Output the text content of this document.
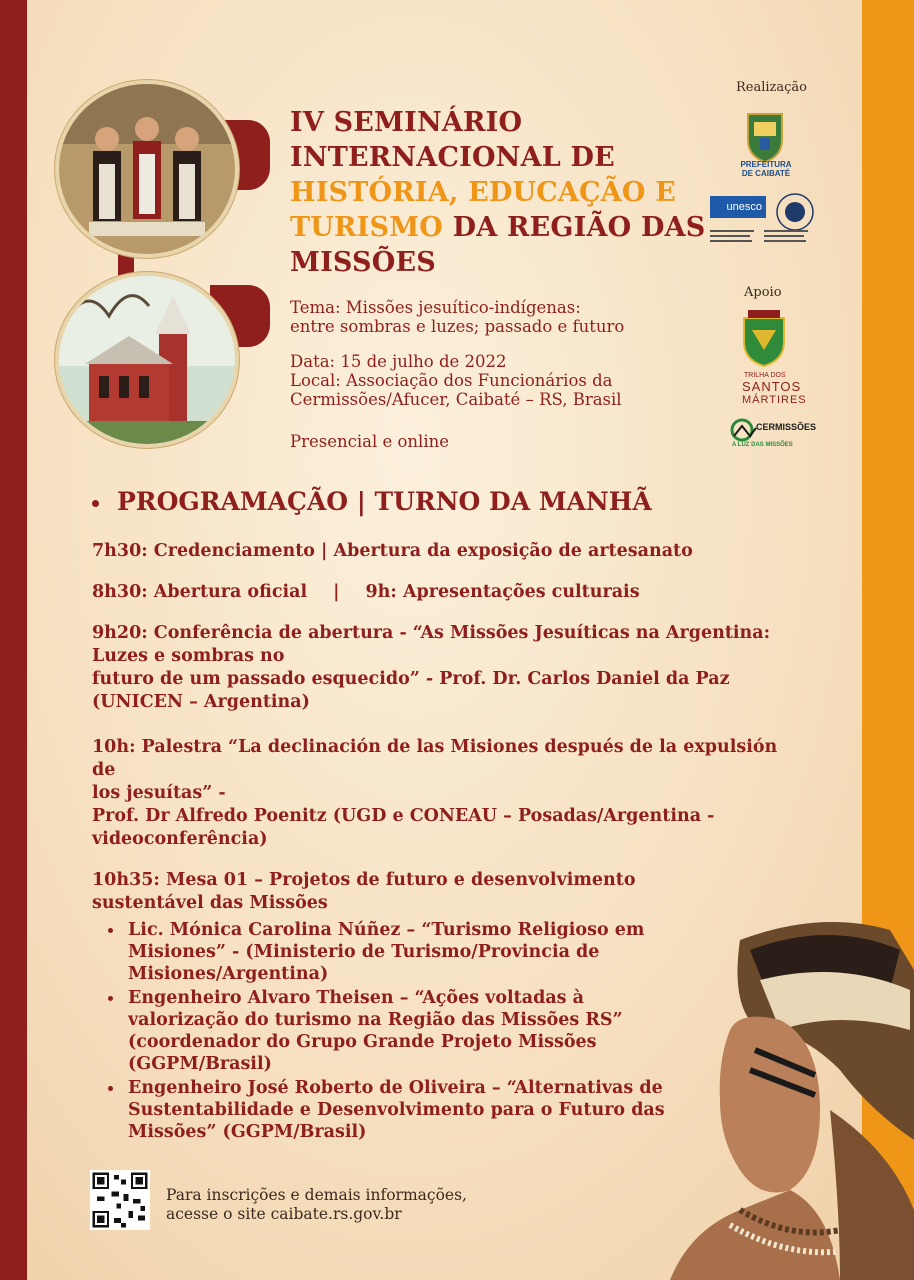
IV SEMINÁRIO INTERNACIONAL DE HISTÓRIA, EDUCAÇÃO E TURISMO DA REGIÃO DAS MISSÕES
Tema: Missões jesuítico-indígenas:
entre sombras e luzes; passado e futuro
Data: 15 de julho de 2022
Local: Associação dos Funcionários da
Cermissões/Afucer, Caibaté – RS, Brasil
Presencial e online
Realização
PREFEITURA DE CAIBATÉ
unesco
Apoio
TRILHA DOS
SANTOS
MÁRTIRES
CERMISSÕES
A LUZ DAS MISSÕES
PROGRAMAÇÃO | TURNO DA MANHÃ

7h30: Credenciamento | Abertura da exposição de artesanato

8h30: Abertura oficial | 9h: Apresentações culturais

9h20: Conferência de abertura - “As Missões Jesuíticas na Argentina:
Luzes e sombras no
futuro de um passado esquecido” - Prof. Dr. Carlos Daniel da Paz
(UNICEN – Argentina)

10h: Palestra “La declinación de las Misiones después de la expulsión de
los jesuítas” -
Prof. Dr Alfredo Poenitz (UGD e CONEAU – Posadas/Argentina -
videoconferência)

10h35: Mesa 01 – Projetos de futuro e desenvolvimento
sustentável das Missões
Lic. Mónica Carolina Núñez – “Turismo Religioso em Misiones” - (Ministerio de Turismo/Provincia de Misiones/Argentina)
Engenheiro Alvaro Theisen – “Ações voltadas à valorização do turismo na Região das Missões RS” (coordenador do Grupo Grande Projeto Missões (GGPM/Brasil)
Engenheiro José Roberto de Oliveira – “Alternativas de Sustentabilidade e Desenvolvimento para o Futuro das Missões” (GGPM/Brasil)
Para inscrições e demais informações,
acesse o site caibate.rs.gov.br
